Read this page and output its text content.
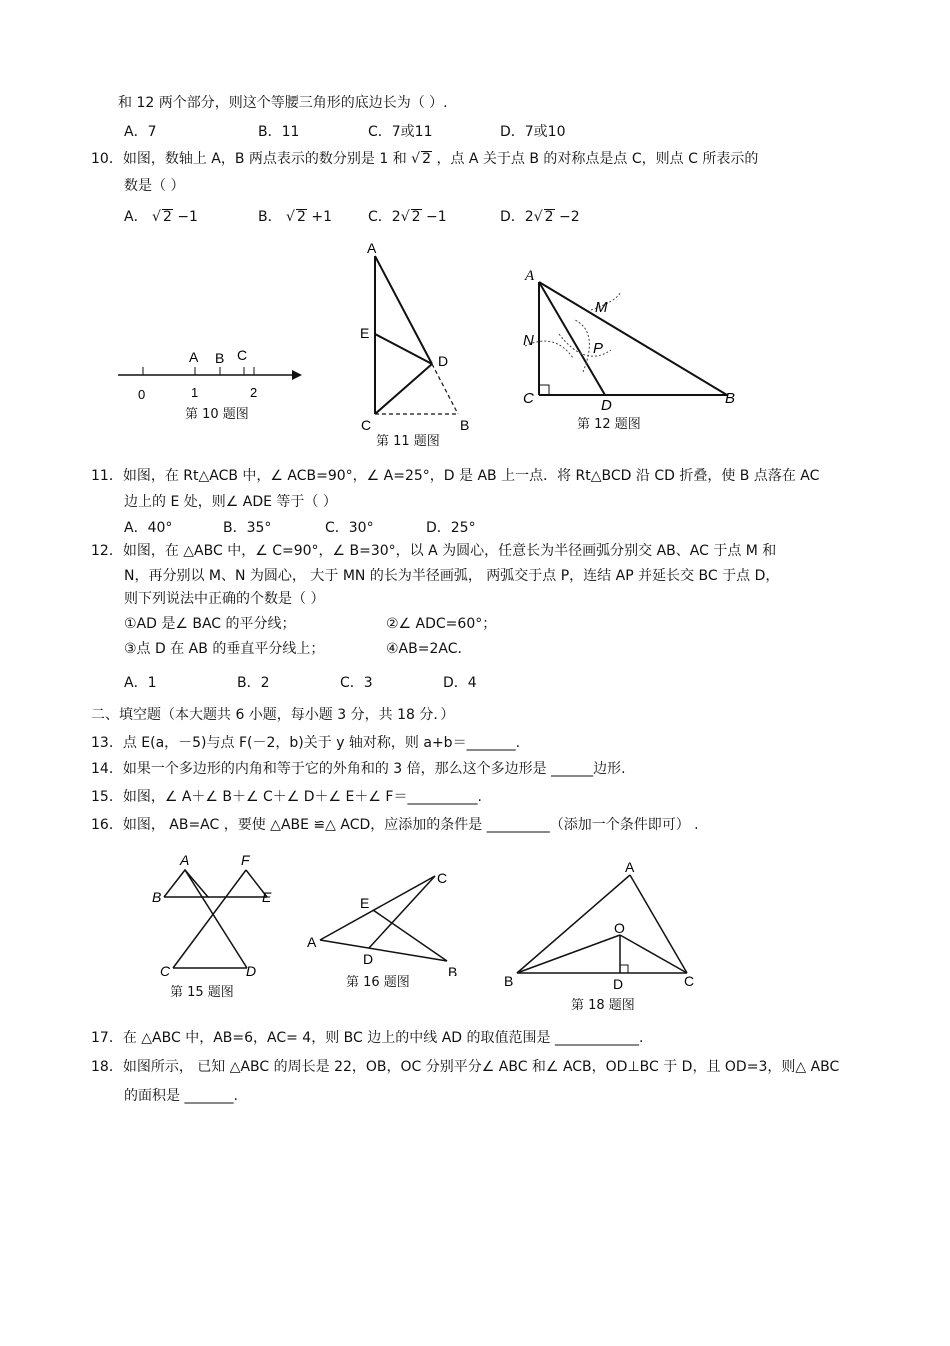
和 12 两个部分，则这个等腰三角形的底边长为（ ）.
A．7	B．11	C．7或11	D．7或10
10．如图，数轴上 A，B 两点表示的数分别是 1 和 √ 2 ，点 A 关于点 B 的对称点是点 C，则点 C 所表示的
数是（ ）
A． √ 2 −1	B． √ 2 +1	C．2√ 2 −1	D．2√ 2 −2
A B C
0	1	2
第 10 题图
A
E
D
C	B
第 11 题图
A
M
N	P
C	D	B
第 12 题图
11．如图，在 Rt△ACB 中，∠ ACB=90°，∠ A=25°，D 是 AB 上一点．将 Rt△BCD 沿 CD 折叠，使 B 点落在 AC
边上的 E 处，则∠ ADE 等于（ ）
A．40°	B．35°	C．30°	D．25°
12．如图，在 △ABC 中，∠ C=90°，∠ B=30°，以 A 为圆心，任意长为半径画弧分别交 AB、AC 于点 M 和
N，再分别以 M、N 为圆心， 大于 MN 的长为半径画弧， 两弧交于点 P，连结 AP 并延长交 BC 于点 D，
则下列说法中正确的个数是（ ）
①AD 是∠ BAC 的平分线；	②∠ ADC=60°；
③点 D 在 AB 的垂直平分线上；	④AB=2AC．
A．1	B．2	C．3	D．4
二、填空题（本大题共 6 小题，每小题 3 分，共 18 分．）
13．点 E(a，－5)与点 F(－2，b)关于 y 轴对称，则 a+b＝_______.
14．如果一个多边形的内角和等于它的外角和的 3 倍，那么这个多边形是 ______边形.
15．如图，∠ A＋∠ B＋∠ C＋∠ D＋∠ E＋∠ F＝__________.
16．如图， AB=AC ，要使 △ABE ≌△ ACD，应添加的条件是 _________（添加一个条件即可） .
A	F
B	E
C	D
第 15 题图
C
E
A
D
B
第 16 题图
A
O
B	D	C
第 18 题图
17．在 △ABC 中，AB=6，AC= 4，则 BC 边上的中线 AD 的取值范围是 ____________.
18．如图所示， 已知 △ABC 的周长是 22，OB，OC 分别平分∠ ABC 和∠ ACB，OD⊥BC 于 D，且 OD=3，则△ ABC
的面积是 _______.
